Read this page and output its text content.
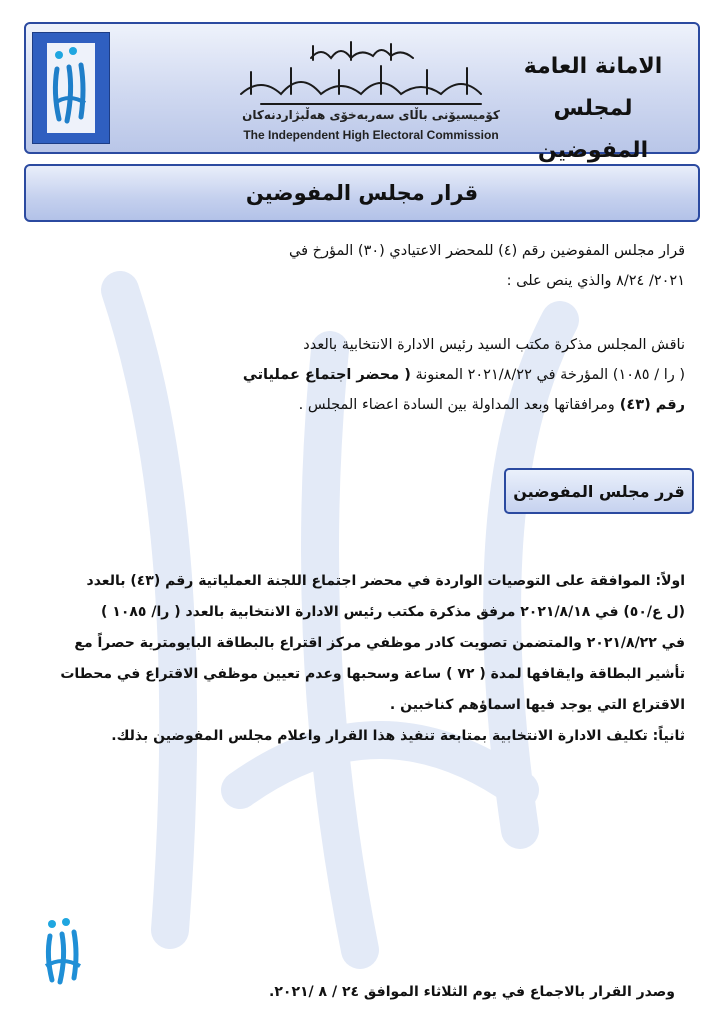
كۆميسيۆنى باڵاى سەربەخۆى هەڵبژاردنەكان
The Independent High Electoral Commission
الامانة العامة
لمجلس المفوضين
قرار مجلس المفوضين
قرار مجلس المفوضين رقم (٤) للمحضر الاعتيادي (٣٠) المؤرخ في
٢٠٢١/ ٨/٢٤ والذي ينص على :
ناقش المجلس مذكرة مكتب السيد رئيس الادارة الانتخابية بالعدد
( را / ١٠٨٥) المؤرخة في ٢٠٢١/٨/٢٢ المعنونة ( محضر اجتماع عملياتي
رقم (٤٣) ومرافقاتها وبعد المداولة بين السادة اعضاء المجلس .
قرر مجلس المفوضين
اولاً: الموافقة على التوصيات الواردة في محضر اجتماع اللجنة العملياتية رقم (٤٣) بالعدد
(ل ع/٥٠) في ٢٠٢١/٨/١٨ مرفق مذكرة مكتب رئيس الادارة الانتخابية بالعدد ( را/ ١٠٨٥ )
في ٢٠٢١/٨/٢٢ والمتضمن تصويت كادر موظفي مركز اقتراع بالبطاقة البايومترية حصراً مع
تأشير البطاقة وايقافها لمدة ( ٧٢ ) ساعة وسحبها وعدم تعيين موظفي الاقتراع في محطات
الاقتراع التي يوجد فيها اسماؤهم كناخبين .
ثانياً: تكليف الادارة الانتخابية بمتابعة تنفيذ هذا القرار واعلام مجلس المفوضين بذلك.
وصدر القرار بالاجماع في يوم الثلاثاء الموافق ٢٤ / ٨ /٢٠٢١.
